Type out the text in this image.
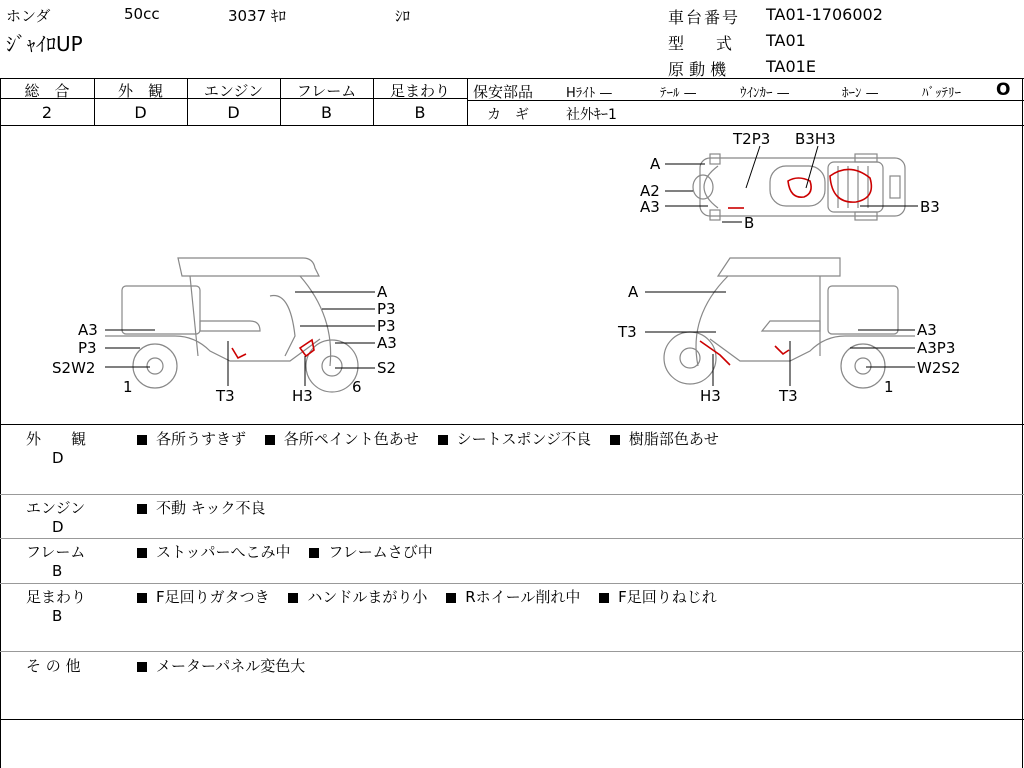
ホンダ	50cc	3037 ｷﾛ	ｼﾛ
ｼﾞｬｲﾛUP
車台番号 TA01-1706002
型　　式 TA01
原 動 機 TA01E
総　合	外　観	エンジン	フレーム	足まわり
2	D	D	B	B
保安部品	Hﾗｲﾄ —	ﾃｰﾙ —	ｳｲﾝｶｰ —	ﾎｰﾝ —	ﾊﾞｯﾃﾘｰ O
カ　ギ	社外ｷｰ1
T2P3 B3H3
A
A2
A3
B
B3
A
P3
P3
A3
A3
P3
S2W2	S2
1	T3	H3	6
A
T3	A3
A3P3
W2S2
H3	T3	1
外　　観
D
各所うすきず	各所ペイント色あせ	シートスポンジ不良	樹脂部色あせ
エンジン
D
不動 キック不良
フレーム
B
ストッパーへこみ中	フレームさび中
足まわり
B
F足回りガタつき	ハンドルまがり小	Rホイール削れ中	F足回りねじれ
そ の 他	メーターパネル変色大
